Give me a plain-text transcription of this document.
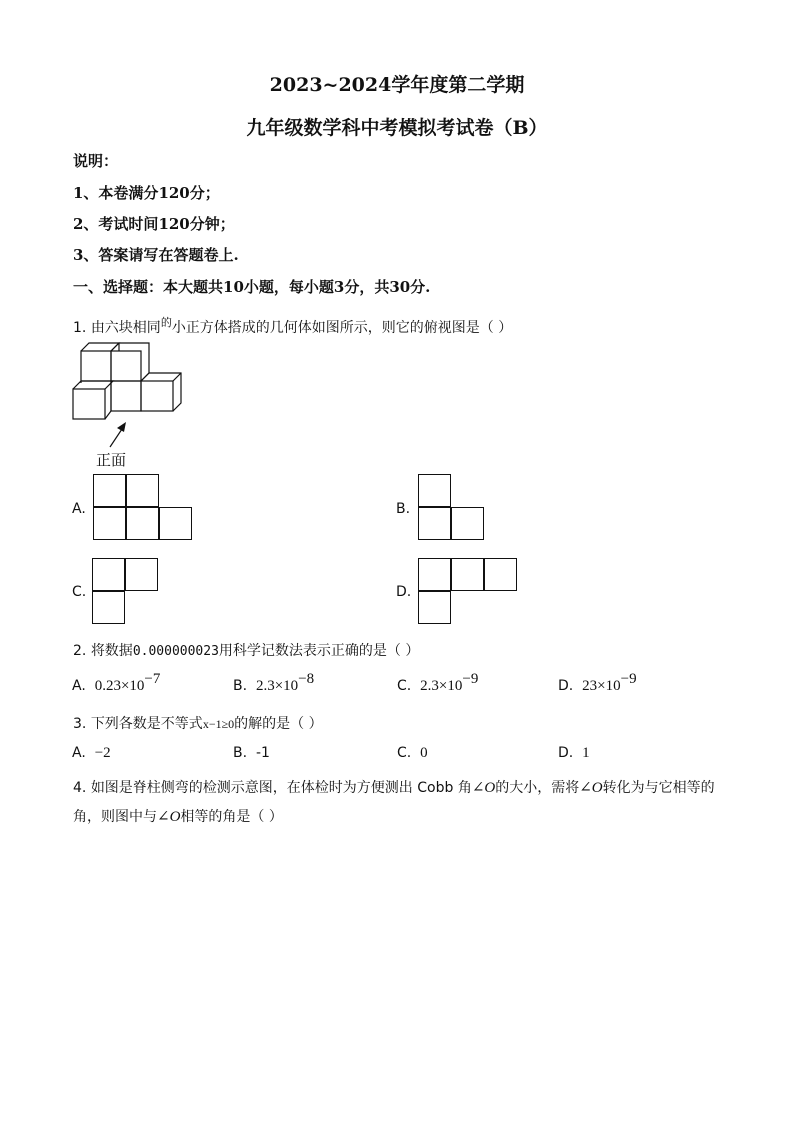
2023~2024学年度第二学期
九年级数学科中考模拟考试卷（B）
说明：
1、本卷满分120分；
2、考试时间120分钟；
3、答案请写在答题卷上.
一、选择题：本大题共10小题，每小题3分，共30分.
1. 由六块相同$^的$小正方体搭成的几何体如图所示，则它的俯视图是（ ）
正面
A.	B.
C.	D.
2. 将数据0.000000023用科学记数法表示正确的是（ ）
A. $0.23\times 10^{-7}$	B. $2.3\times 10^{-8}$	C. $2.3\times 10^{-9}$	D. $23\times 10^{-9}$
3. 下列各数是不等式x−1≥0的解的是（ ）
A. −2	B. -1	C. 0	D. 1
4. 如图是脊柱侧弯的检测示意图，在体检时为方便测出 Cobb 角∠O的大小，需将∠O转化为与它相等的
角，则图中与∠O相等的角是（ ）
